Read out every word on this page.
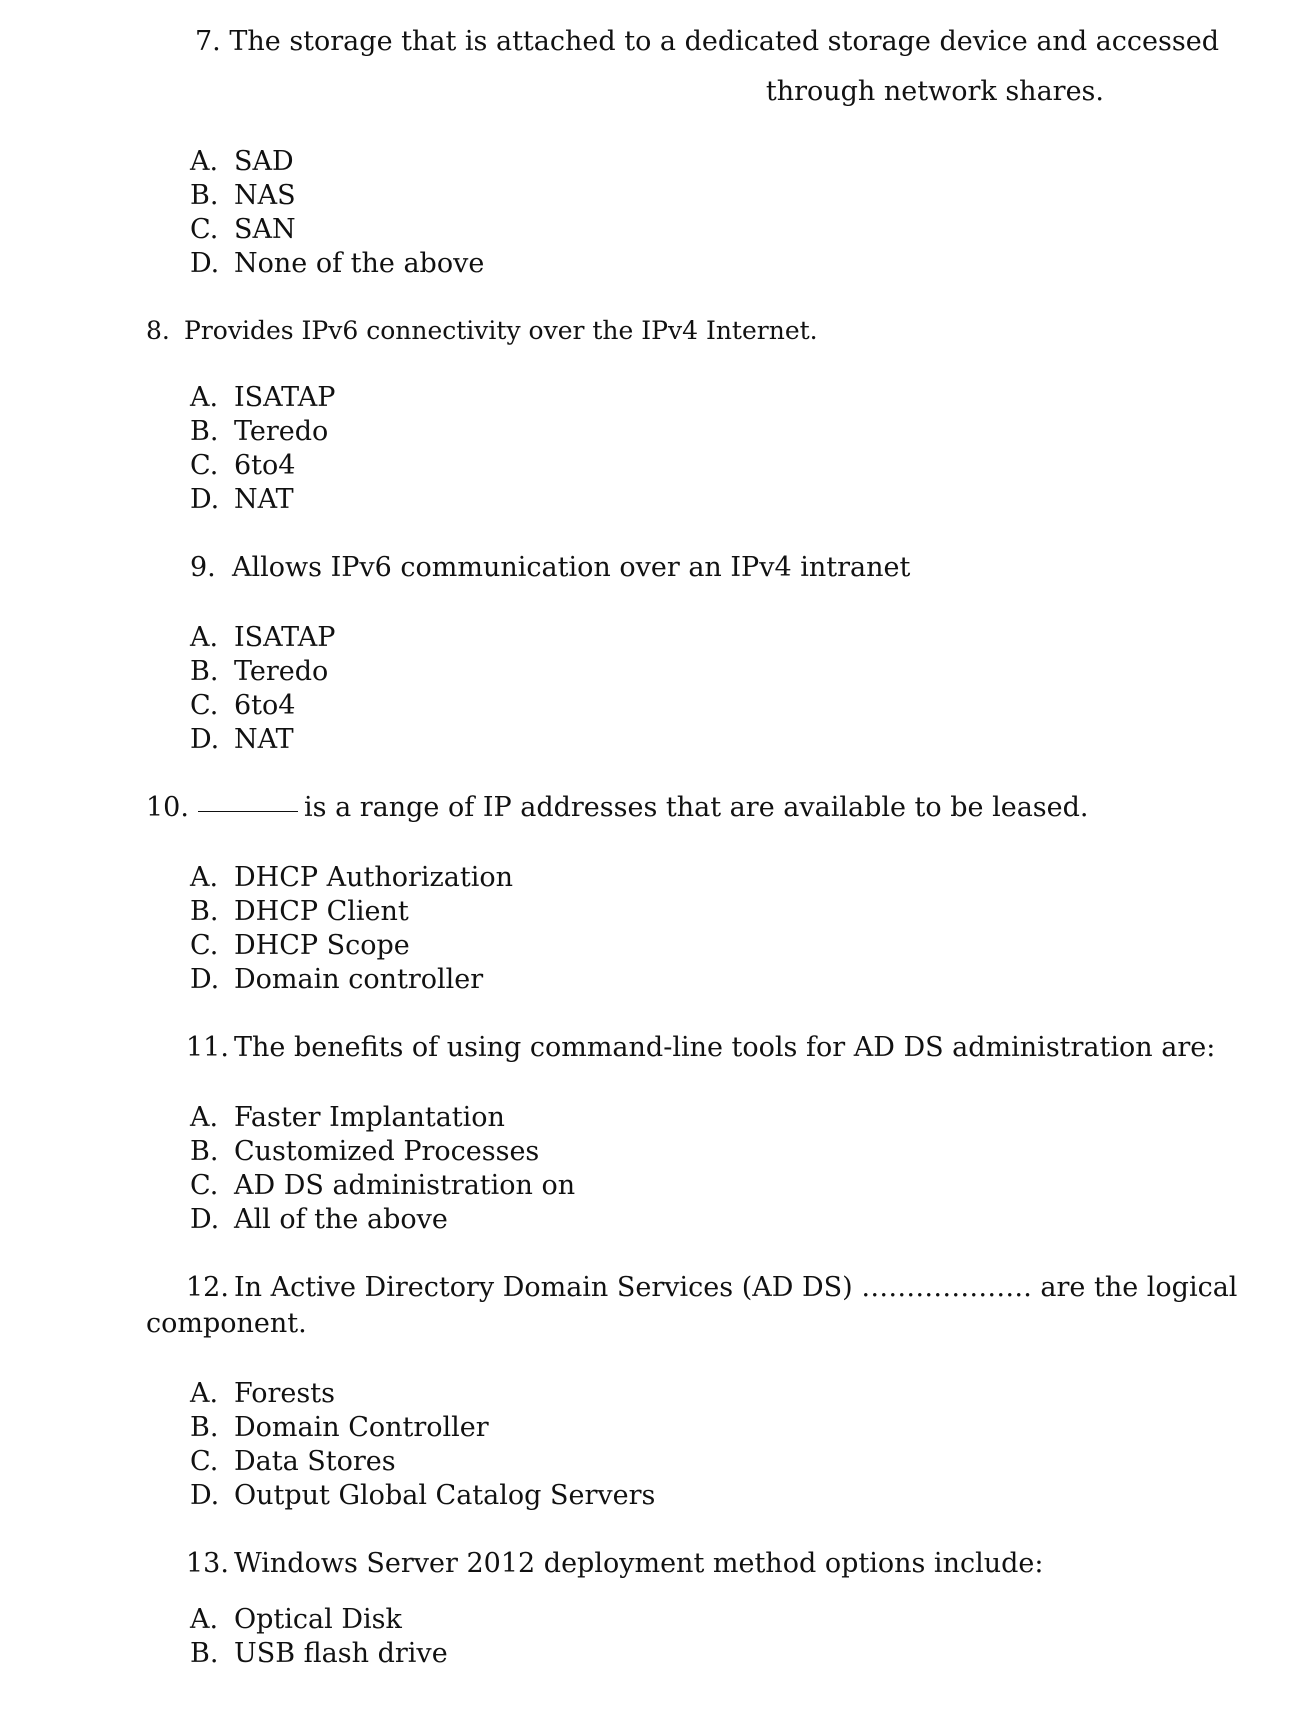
7. The storage that is attached to a dedicated storage device and accessed
through network shares.
A. SAD
B. NAS
C. SAN
D. None of the above
8. Provides IPv6 connectivity over the IPv4 Internet.
A. ISATAP
B. Teredo
C. 6to4
D. NAT
9. Allows IPv6 communication over an IPv4 intranet
A. ISATAP
B. Teredo
C. 6to4
D. NAT
10.	is a range of IP addresses that are available to be leased.
A. DHCP Authorization
B. DHCP Client
C. DHCP Scope
D. Domain controller
11. The benefits of using command-line tools for AD DS administration are:
A. Faster Implantation
B. Customized Processes
C. AD DS administration on
D. All of the above
12. In Active Directory Domain Services (AD DS) ………………. are the logical
component.
A. Forests
B. Domain Controller
C. Data Stores
D. Output Global Catalog Servers
13. Windows Server 2012 deployment method options include:
A. Optical Disk
B. USB flash drive
